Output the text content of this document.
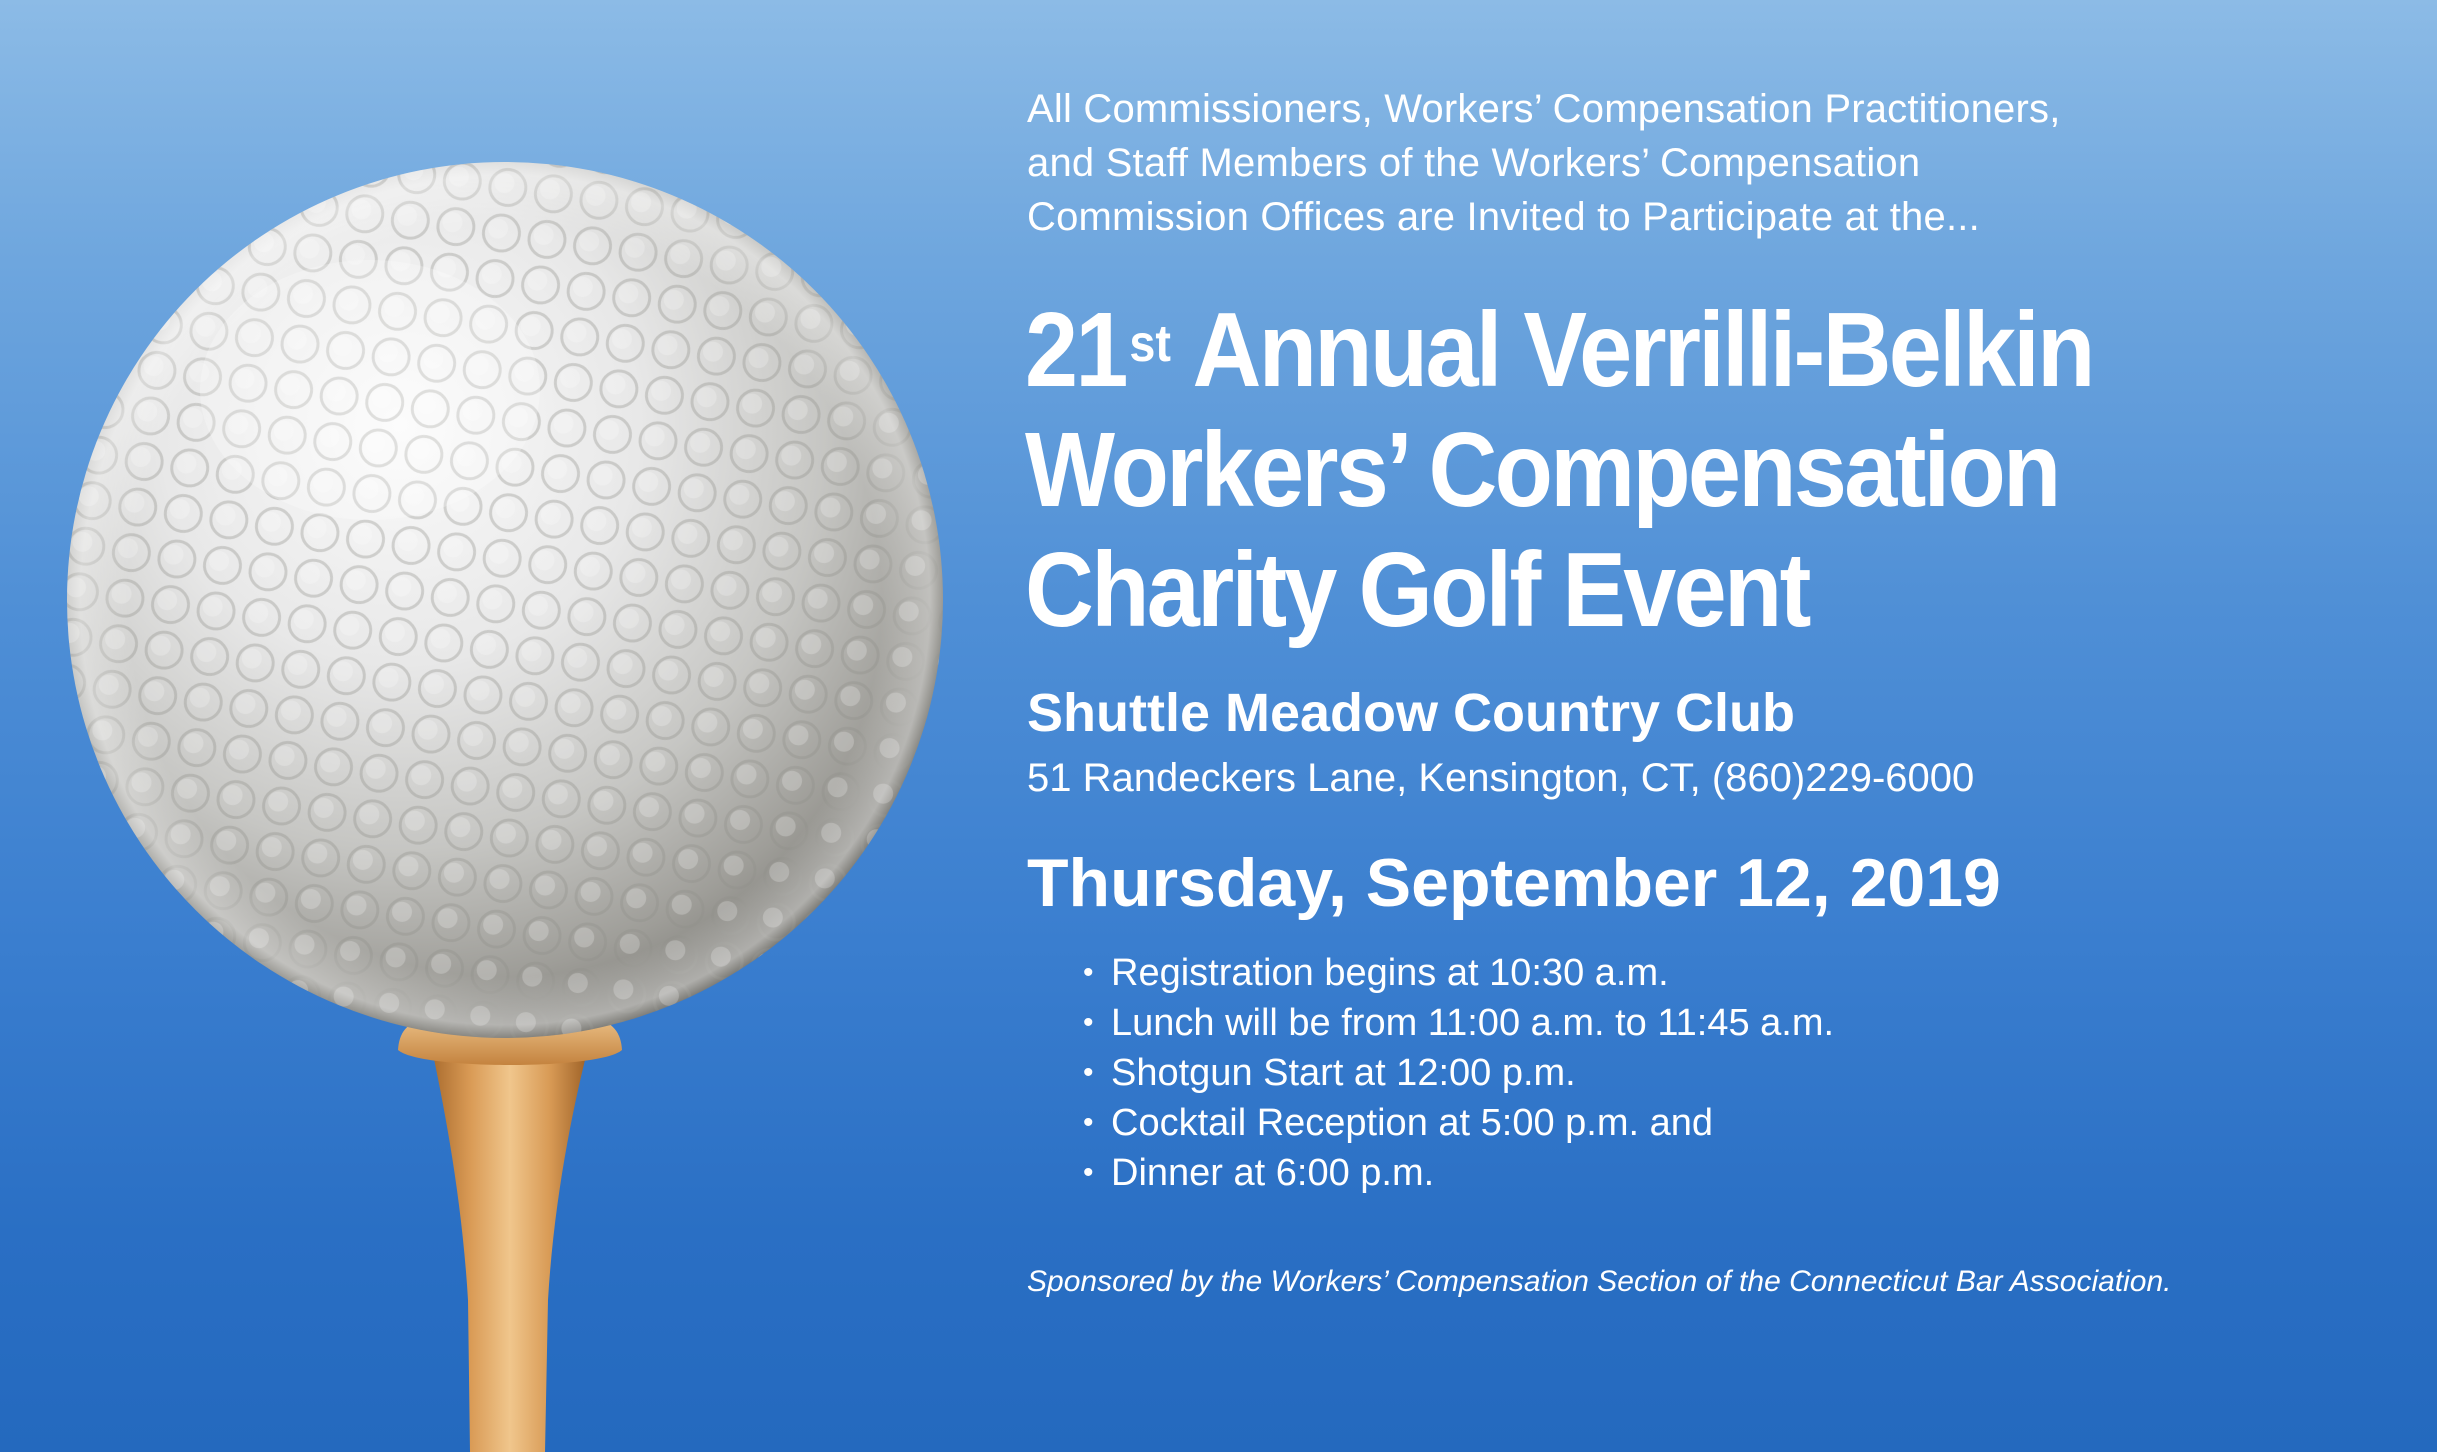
All Commissioners, Workers’ Compensation Practitioners,
and Staff Members of the Workers’ Compensation
Commission Offices are Invited to Participate at the...
21st Annual Verrilli-Belkin
Workers’ Compensation
Charity Golf Event
Shuttle Meadow Country Club
51 Randeckers Lane, Kensington, CT, (860)229-6000
Thursday, September 12, 2019
• Registration begins at 10:30 a.m.
• Lunch will be from 11:00 a.m. to 11:45 a.m.
• Shotgun Start at 12:00 p.m.
• Cocktail Reception at 5:00 p.m. and
• Dinner at 6:00 p.m.
Sponsored by the Workers’ Compensation Section of the Connecticut Bar Association.
